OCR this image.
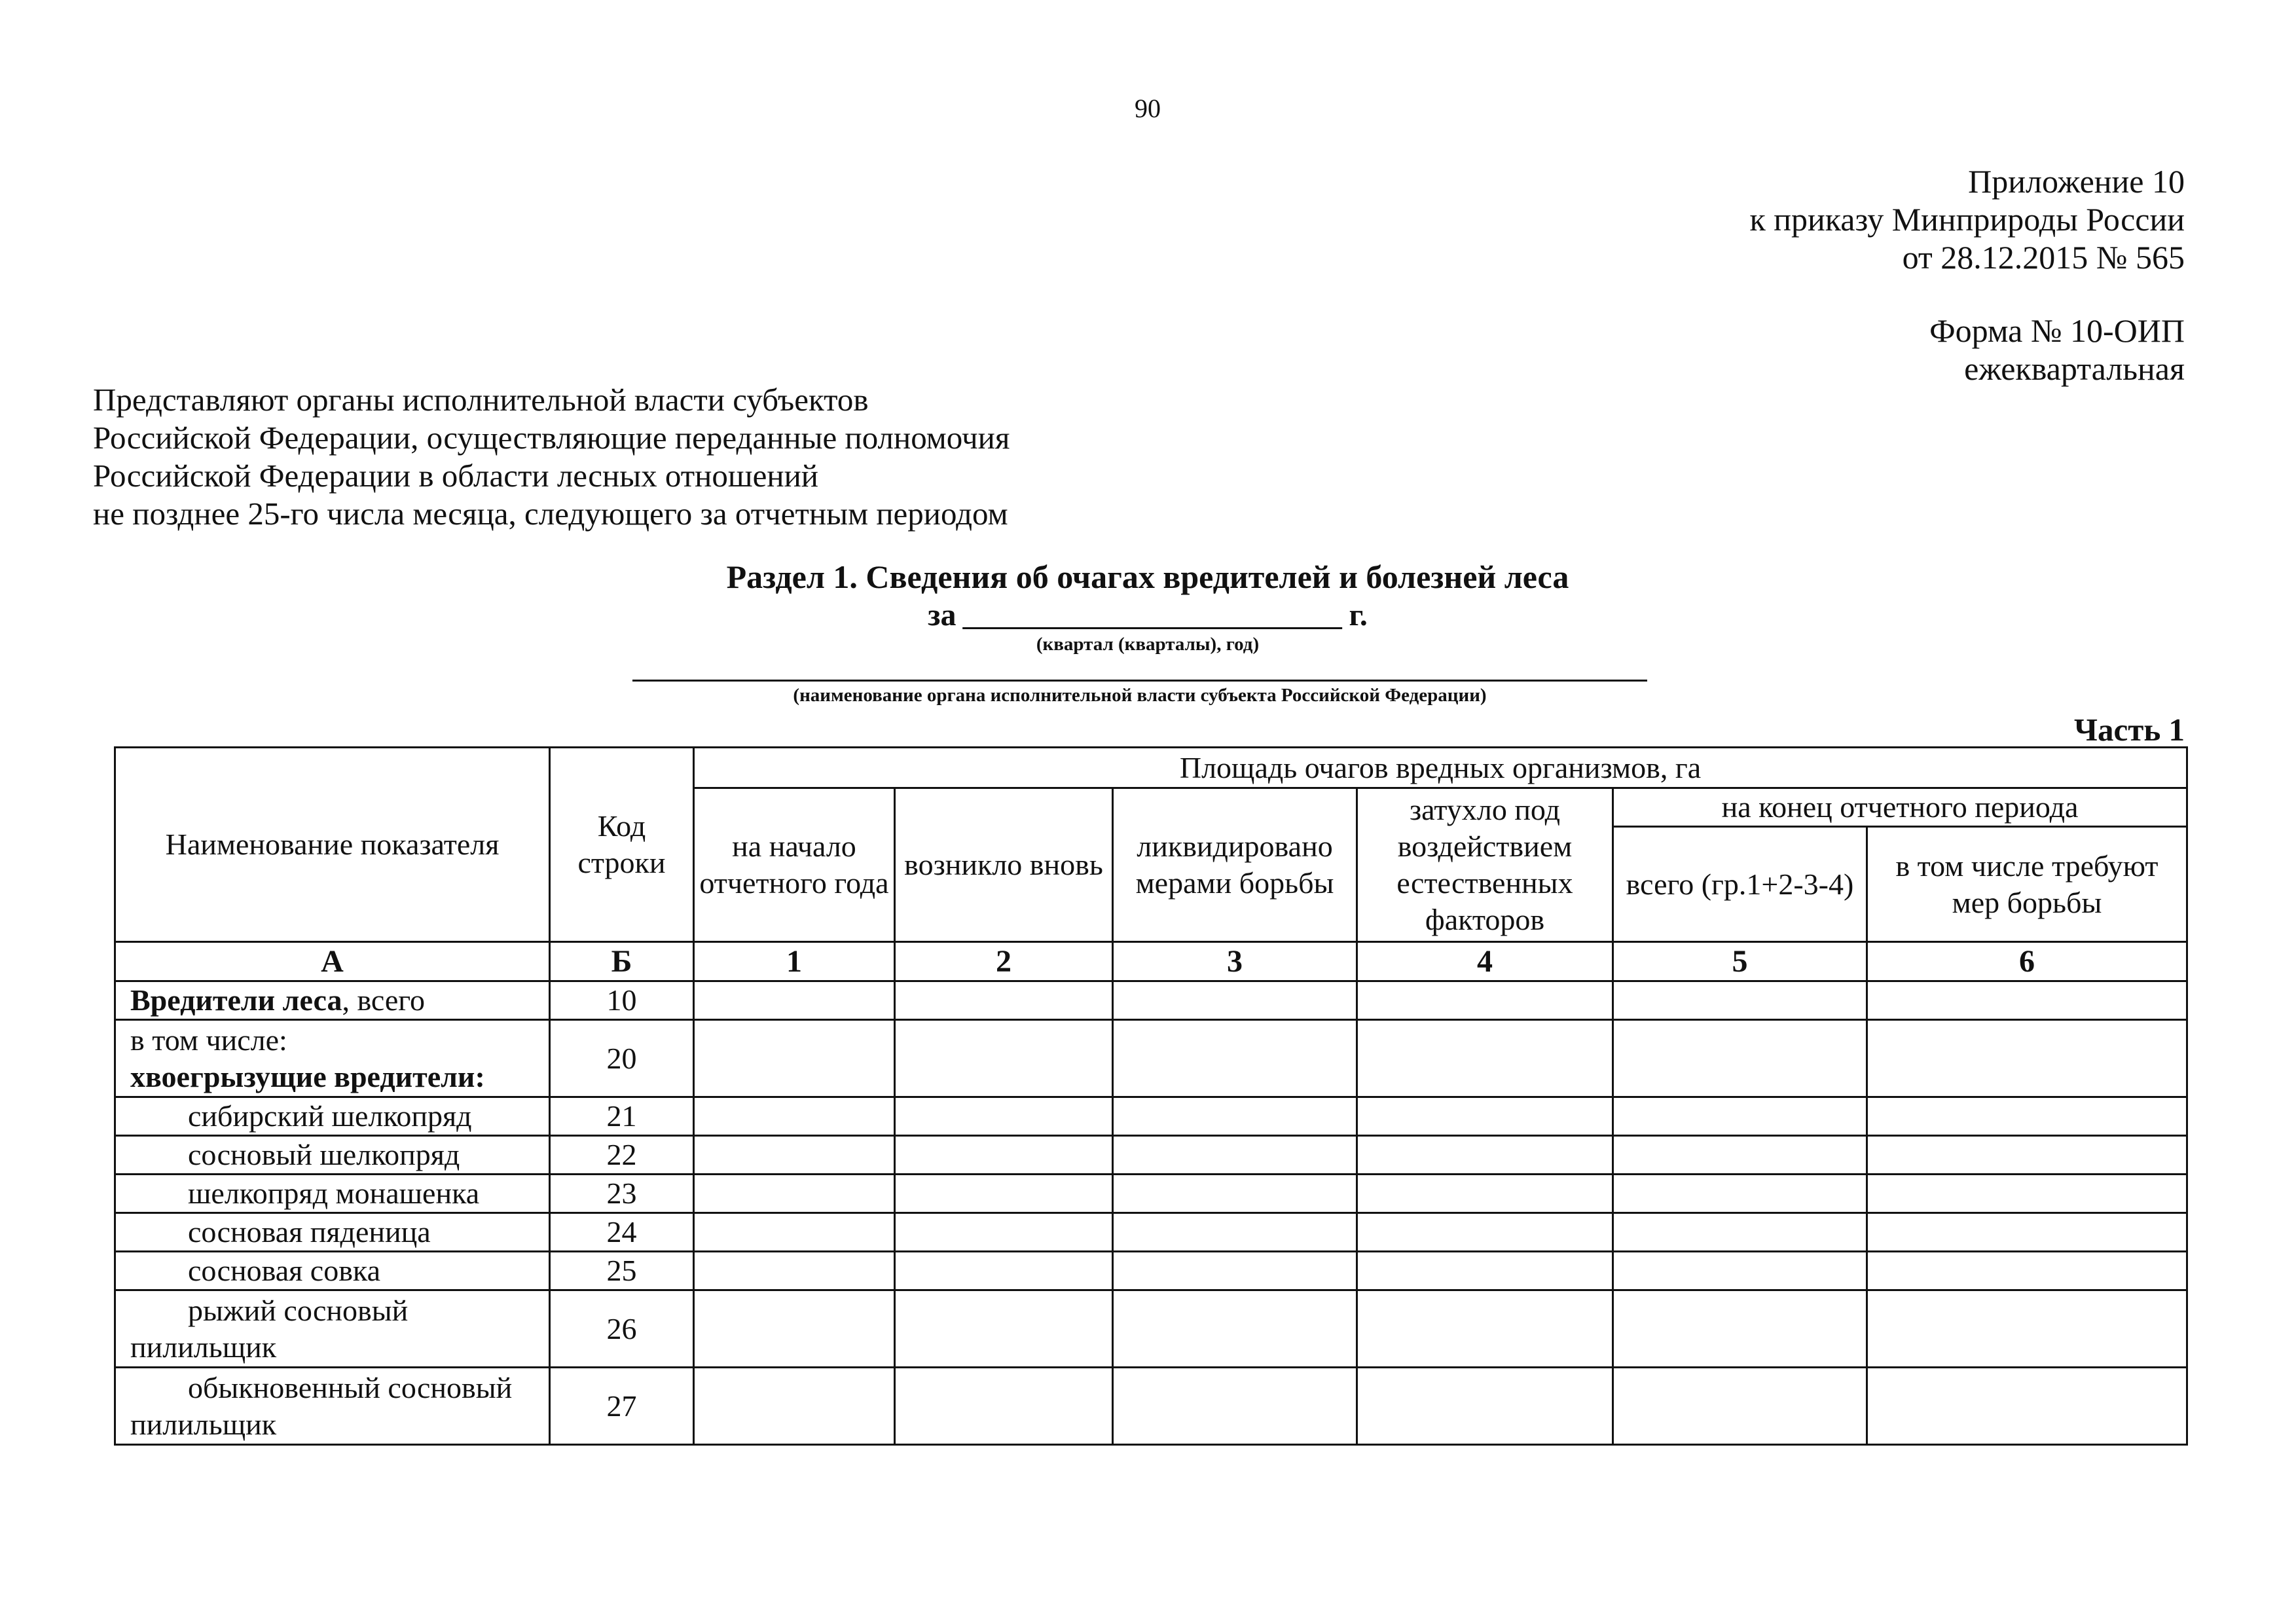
90
Приложение 10
к приказу Минприроды России
от 28.12.2015 № 565
Форма № 10-ОИП
ежеквартальная
Представляют органы исполнительной власти субъектов
Российской Федерации, осуществляющие переданные полномочия
Российской Федерации в области лесных отношений
не позднее 25-го числа месяца, следующего за отчетным периодом
Раздел 1. Сведения об очагах вредителей и болезней леса
за	г.
(квартал (кварталы), год)
(наименование органа исполнительной власти субъекта Российской Федерации)
Часть 1
Наименование показателя	Код строки	Площадь очагов вредных организмов, га					
		на начало отчетного года	возникло вновь	ликвидировано мерами борьбы	затухло под воздействием естественных факторов	на конец отчетного периода	
						всего (гр.1+2-3-4)	в том числе требуют мер борьбы
А	Б	1	2	3	4	5	6
Вредители леса, всего	10						

в том числе:
хвоегрызущие вредители:	20						
сибирский шелкопряд	21						
сосновый шелкопряд	22						
шелкопряд монашенка	23						
сосновая пяденица	24						
сосновая совка	25						
рыжий сосновый пилильщик	26						
обыкновенный сосновый пилильщик	27						
